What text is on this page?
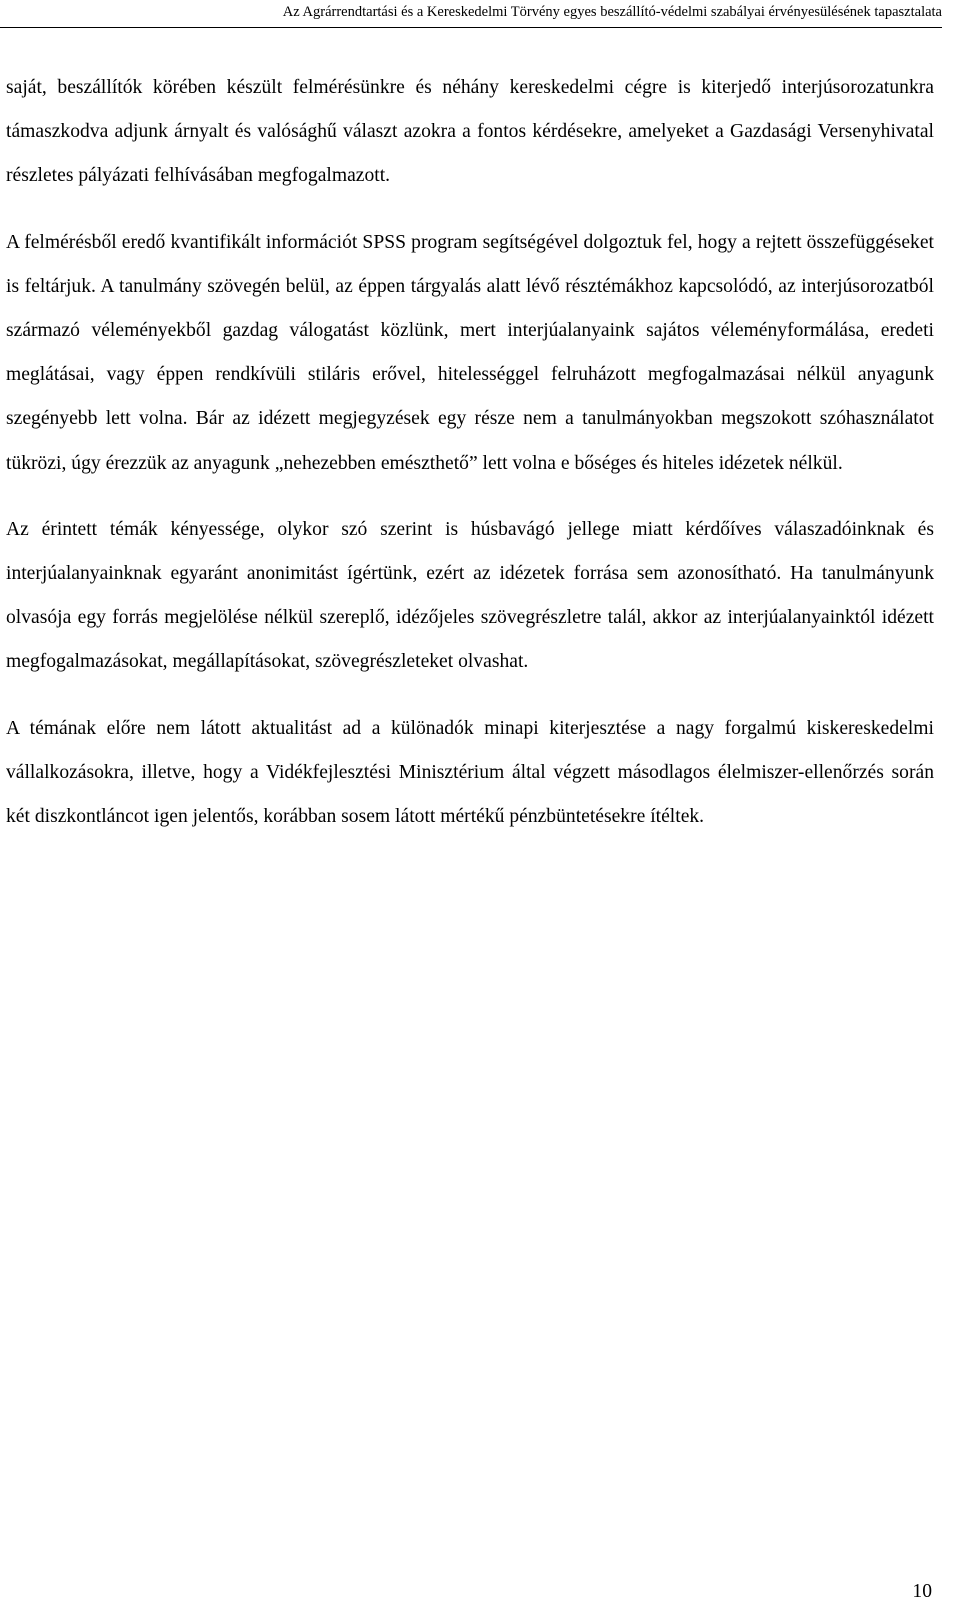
Az Agrárrendtartási és a Kereskedelmi Törvény egyes beszállító-védelmi szabályai érvényesülésének tapasztalata

saját, beszállítók körében készült felmérésünkre és néhány kereskedelmi cégre is kiterjedő interjúsorozatunkra támaszkodva adjunk árnyalt és valósághű választ azokra a fontos kérdésekre, amelyeket a Gazdasági Versenyhivatal részletes pályázati felhívásában megfogalmazott.

A felmérésből eredő kvantifikált információt SPSS program segítségével dolgoztuk fel, hogy a rejtett összefüggéseket is feltárjuk. A tanulmány szövegén belül, az éppen tárgyalás alatt lévő résztémákhoz kapcsolódó, az interjúsorozatból származó véleményekből gazdag válogatást közlünk, mert interjúalanyaink sajátos véleményformálása, eredeti meglátásai, vagy éppen rendkívüli stiláris erővel, hitelességgel felruházott megfogalmazásai nélkül anyagunk szegényebb lett volna. Bár az idézett megjegyzések egy része nem a tanulmányokban megszokott szóhasználatot tükrözi, úgy érezzük az anyagunk „nehezebben emészthető” lett volna e bőséges és hiteles idézetek nélkül.

Az érintett témák kényessége, olykor szó szerint is húsbavágó jellege miatt kérdőíves válaszadóinknak és interjúalanyainknak egyaránt anonimitást ígértünk, ezért az idézetek forrása sem azonosítható. Ha tanulmányunk olvasója egy forrás megjelölése nélkül szereplő, idézőjeles szövegrészletre talál, akkor az interjúalanyainktól idézett megfogalmazásokat, megállapításokat, szövegrészleteket olvashat.

A témának előre nem látott aktualitást ad a különadók minapi kiterjesztése a nagy forgalmú kiskereskedelmi vállalkozásokra, illetve, hogy a Vidékfejlesztési Minisztérium által végzett másodlagos élelmiszer-ellenőrzés során két diszkontláncot igen jelentős, korábban sosem látott mértékű pénzbüntetésekre ítéltek.

10
